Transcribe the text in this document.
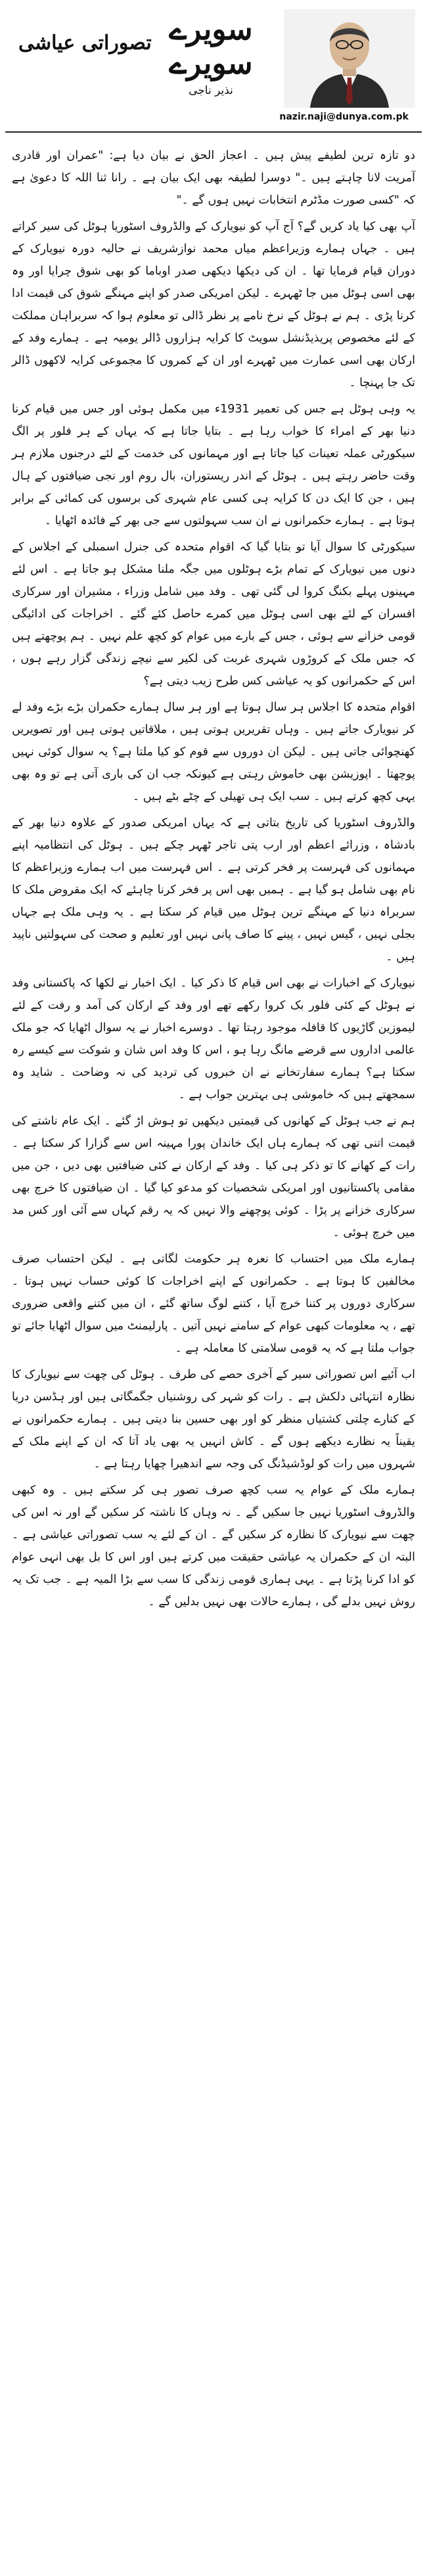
تصوراتی عیاشی سویرے سویرے
نذیر ناجی
nazir.naji@dunya.com.pk

دو تازہ ترین لطیفے پیش ہیں ۔ اعجاز الحق نے بیان دیا ہے: "عمران اور قادری آمریت لانا چاہتے ہیں ۔" دوسرا لطیفہ بھی ایک بیان ہے ۔ رانا ثنا اللہ کا دعویٰ ہے کہ "کسی صورت مڈٹرم انتخابات نہیں ہوں گے ۔"

آپ بھی کیا یاد کریں گے؟ آج آپ کو نیویارک کے والڈروف اسٹوریا ہوٹل کی سیر کراتے ہیں ۔ جہاں ہمارے وزیراعظم میاں محمد نوازشریف نے حالیہ دورہ نیویارک کے دوران قیام فرمایا تھا ۔ ان کی دیکھا دیکھی صدر اوباما کو بھی شوق چرایا اور وہ بھی اسی ہوٹل میں جا ٹھہرے ۔ لیکن امریکی صدر کو اپنے مہنگے شوق کی قیمت ادا کرنا پڑی ۔ ہم نے ہوٹل کے نرخ نامے پر نظر ڈالی تو معلوم ہوا کہ سربراہان مملکت کے لئے مخصوص پریذیڈنشل سویٹ کا کرایہ ہزاروں ڈالر یومیہ ہے ۔ ہمارے وفد کے ارکان بھی اسی عمارت میں ٹھہرے اور ان کے کمروں کا مجموعی کرایہ لاکھوں ڈالر تک جا پہنچا ۔

یہ وہی ہوٹل ہے جس کی تعمیر 1931ء میں مکمل ہوئی اور جس میں قیام کرنا دنیا بھر کے امراء کا خواب رہا ہے ۔ بتایا جاتا ہے کہ یہاں کے ہر فلور پر الگ سیکورٹی عملہ تعینات کیا جاتا ہے اور مہمانوں کی خدمت کے لئے درجنوں ملازم ہر وقت حاضر رہتے ہیں ۔ ہوٹل کے اندر ریستوران، بال روم اور نجی ضیافتوں کے ہال ہیں ، جن کا ایک دن کا کرایہ ہی کسی عام شہری کی برسوں کی کمائی کے برابر ہوتا ہے ۔ ہمارے حکمرانوں نے ان سب سہولتوں سے جی بھر کے فائدہ اٹھایا ۔

سیکورٹی کا سوال آیا تو بتایا گیا کہ اقوام متحدہ کی جنرل اسمبلی کے اجلاس کے دنوں میں نیویارک کے تمام بڑے ہوٹلوں میں جگہ ملنا مشکل ہو جاتا ہے ۔ اس لئے مہینوں پہلے بکنگ کروا لی گئی تھی ۔ وفد میں شامل وزراء ، مشیران اور سرکاری افسران کے لئے بھی اسی ہوٹل میں کمرے حاصل کئے گئے ۔ اخراجات کی ادائیگی قومی خزانے سے ہوئی ، جس کے بارے میں عوام کو کچھ علم نہیں ۔ ہم پوچھتے ہیں کہ جس ملک کے کروڑوں شہری غربت کی لکیر سے نیچے زندگی گزار رہے ہوں ، اس کے حکمرانوں کو یہ عیاشی کس طرح زیب دیتی ہے؟

اقوام متحدہ کا اجلاس ہر سال ہوتا ہے اور ہر سال ہمارے حکمران بڑے بڑے وفد لے کر نیویارک جاتے ہیں ۔ وہاں تقریریں ہوتی ہیں ، ملاقاتیں ہوتی ہیں اور تصویریں کھنچوائی جاتی ہیں ۔ لیکن ان دوروں سے قوم کو کیا ملتا ہے؟ یہ سوال کوئی نہیں پوچھتا ۔ اپوزیشن بھی خاموش رہتی ہے کیونکہ جب ان کی باری آتی ہے تو وہ بھی یہی کچھ کرتے ہیں ۔ سب ایک ہی تھیلی کے چٹے بٹے ہیں ۔

والڈروف اسٹوریا کی تاریخ بتاتی ہے کہ یہاں امریکی صدور کے علاوہ دنیا بھر کے بادشاہ ، وزرائے اعظم اور ارب پتی تاجر ٹھہر چکے ہیں ۔ ہوٹل کی انتظامیہ اپنے مہمانوں کی فہرست پر فخر کرتی ہے ۔ اس فہرست میں اب ہمارے وزیراعظم کا نام بھی شامل ہو گیا ہے ۔ ہمیں بھی اس پر فخر کرنا چاہئے کہ ایک مقروض ملک کا سربراہ دنیا کے مہنگے ترین ہوٹل میں قیام کر سکتا ہے ۔ یہ وہی ملک ہے جہاں بجلی نہیں ، گیس نہیں ، پینے کا صاف پانی نہیں اور تعلیم و صحت کی سہولتیں ناپید ہیں ۔

نیویارک کے اخبارات نے بھی اس قیام کا ذکر کیا ۔ ایک اخبار نے لکھا کہ پاکستانی وفد نے ہوٹل کے کئی فلور بک کروا رکھے تھے اور وفد کے ارکان کی آمد و رفت کے لئے لیموزین گاڑیوں کا قافلہ موجود رہتا تھا ۔ دوسرے اخبار نے یہ سوال اٹھایا کہ جو ملک عالمی اداروں سے قرضے مانگ رہا ہو ، اس کا وفد اس شان و شوکت سے کیسے رہ سکتا ہے؟ ہمارے سفارتخانے نے ان خبروں کی تردید کی نہ وضاحت ۔ شاید وہ سمجھتے ہیں کہ خاموشی ہی بہترین جواب ہے ۔

ہم نے جب ہوٹل کے کھانوں کی قیمتیں دیکھیں تو ہوش اڑ گئے ۔ ایک عام ناشتے کی قیمت اتنی تھی کہ ہمارے ہاں ایک خاندان پورا مہینہ اس سے گزارا کر سکتا ہے ۔ رات کے کھانے کا تو ذکر ہی کیا ۔ وفد کے ارکان نے کئی ضیافتیں بھی دیں ، جن میں مقامی پاکستانیوں اور امریکی شخصیات کو مدعو کیا گیا ۔ ان ضیافتوں کا خرچ بھی سرکاری خزانے پر پڑا ۔ کوئی پوچھنے والا نہیں کہ یہ رقم کہاں سے آئی اور کس مد میں خرچ ہوئی ۔

ہمارے ملک میں احتساب کا نعرہ ہر حکومت لگاتی ہے ۔ لیکن احتساب صرف مخالفین کا ہوتا ہے ۔ حکمرانوں کے اپنے اخراجات کا کوئی حساب نہیں ہوتا ۔ سرکاری دوروں پر کتنا خرچ آیا ، کتنے لوگ ساتھ گئے ، ان میں کتنے واقعی ضروری تھے ، یہ معلومات کبھی عوام کے سامنے نہیں آتیں ۔ پارلیمنٹ میں سوال اٹھایا جائے تو جواب ملتا ہے کہ یہ قومی سلامتی کا معاملہ ہے ۔

اب آئیے اس تصوراتی سیر کے آخری حصے کی طرف ۔ ہوٹل کی چھت سے نیویارک کا نظارہ انتہائی دلکش ہے ۔ رات کو شہر کی روشنیاں جگمگاتی ہیں اور ہڈسن دریا کے کنارے چلتی کشتیاں منظر کو اور بھی حسین بنا دیتی ہیں ۔ ہمارے حکمرانوں نے یقیناً یہ نظارے دیکھے ہوں گے ۔ کاش انہیں یہ بھی یاد آتا کہ ان کے اپنے ملک کے شہروں میں رات کو لوڈشیڈنگ کی وجہ سے اندھیرا چھایا رہتا ہے ۔

ہمارے ملک کے عوام یہ سب کچھ صرف تصور ہی کر سکتے ہیں ۔ وہ کبھی والڈروف اسٹوریا نہیں جا سکیں گے ۔ نہ وہاں کا ناشتہ کر سکیں گے اور نہ اس کی چھت سے نیویارک کا نظارہ کر سکیں گے ۔ ان کے لئے یہ سب تصوراتی عیاشی ہے ۔ البتہ ان کے حکمران یہ عیاشی حقیقت میں کرتے ہیں اور اس کا بل بھی انہی عوام کو ادا کرنا پڑتا ہے ۔ یہی ہماری قومی زندگی کا سب سے بڑا المیہ ہے ۔ جب تک یہ روش نہیں بدلے گی ، ہمارے حالات بھی نہیں بدلیں گے ۔
